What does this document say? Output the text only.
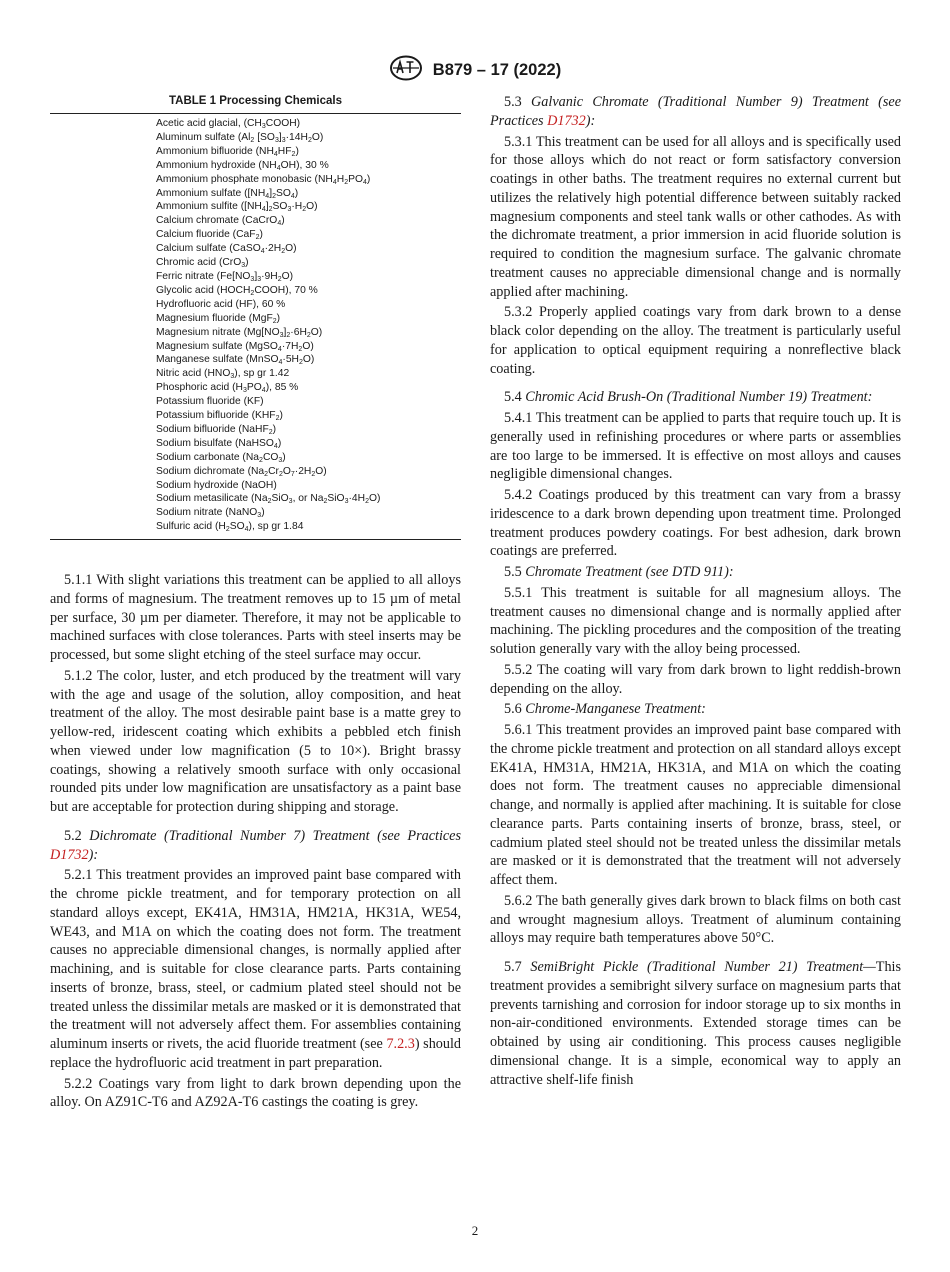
B879 – 17 (2022)
TABLE 1 Processing Chemicals
Acetic acid glacial, $(CH_3COOH)$
Aluminum sulfate ($Al_2$ $[SO_3]_3\cdot 14H_2O$)
Ammonium bifluoride $(NH_4HF_2)$
Ammonium hydroxide $(NH_4OH)$, 30 %
Ammonium phosphate monobasic $(NH_4H_2PO_4)$
Ammonium sulfate $([NH_4]_2SO_4)$
Ammonium sulfite $([NH_4]_2SO_3\cdot H_2O)$
Calcium chromate (CaCrO$_4$)
Calcium fluoride (CaF$_2$)
Calcium sulfate $(CaSO_4\cdot 2H_2O)$
Chromic acid (CrO$_3$)
Ferric nitrate $(Fe[NO_3]_3\cdot 9H_2O)$
Glycolic acid $(HOCH_2COOH)$, 70 %
Hydrofluoric acid (HF), 60 %
Magnesium fluoride (MgF$_2$)
Magnesium nitrate $(Mg[NO_3]_2\cdot 6H_2O)$
Magnesium sulfate $(MgSO_4\cdot 7H_2O)$
Manganese sulfate $(MnSO_4\cdot 5H_2O)$
Nitric acid $(HNO_3)$, sp gr 1.42
Phosphoric acid $(H_3PO_4)$, 85 %
Potassium fluoride (KF)
Potassium bifluoride $(KHF_2)$
Sodium bifluoride (NaHF$_2$)
Sodium bisulfate (NaHSO$_4$)
Sodium carbonate $(Na_2CO_3)$
Sodium dichromate $(Na_2Cr_2O_7\cdot 2H_2O)$
Sodium hydroxide (NaOH)
Sodium metasilicate ($Na_2SiO_3$, or $Na_2SiO_3\cdot 4H_2O$)
Sodium nitrate (NaNO$_3$)
Sulfuric acid $(H_2SO_4)$, sp gr 1.84

5.1.1 With slight variations this treatment can be applied to all alloys and forms of magnesium. The treatment removes up to 15 µm of metal per surface, 30 µm per diameter. Therefore, it may not be applicable to machined surfaces with close tolerances. Parts with steel inserts may be processed, but some slight etching of the steel surface may occur.

5.1.2 The color, luster, and etch produced by the treatment will vary with the age and usage of the solution, alloy composition, and heat treatment of the alloy. The most desirable paint base is a matte grey to yellow-red, iridescent coating which exhibits a pebbled etch finish when viewed under low magnification (5 to 10×). Bright brassy coatings, showing a relatively smooth surface with only occasional rounded pits under low magnification are unsatisfactory as a paint base but are acceptable for protection during shipping and storage.

5.2 Dichromate (Traditional Number 7) Treatment (see Practices D1732):

5.2.1 This treatment provides an improved paint base compared with the chrome pickle treatment, and for temporary protection on all standard alloys except, EK41A, HM31A, HM21A, HK31A, WE54, WE43, and M1A on which the coating does not form. The treatment causes no appreciable dimensional changes, is normally applied after machining, and is suitable for close clearance parts. Parts containing inserts of bronze, brass, steel, or cadmium plated steel should not be treated unless the dissimilar metals are masked or it is demonstrated that the treatment will not adversely affect them. For assemblies containing aluminum inserts or rivets, the acid fluoride treatment (see 7.2.3) should replace the hydrofluoric acid treatment in part preparation.

5.2.2 Coatings vary from light to dark brown depending upon the alloy. On AZ91C-T6 and AZ92A-T6 castings the coating is grey.

5.3 Galvanic Chromate (Traditional Number 9) Treatment (see Practices D1732):

5.3.1 This treatment can be used for all alloys and is specifically used for those alloys which do not react or form satisfactory conversion coatings in other baths. The treatment requires no external current but utilizes the relatively high potential difference between suitably racked magnesium components and steel tank walls or other cathodes. As with the dichromate treatment, a prior immersion in acid fluoride solution is required to condition the magnesium surface. The galvanic chromate treatment causes no appreciable dimensional change and is normally applied after machining.

5.3.2 Properly applied coatings vary from dark brown to a dense black color depending on the alloy. The treatment is particularly useful for application to optical equipment requiring a nonreflective black coating.

5.4 Chromic Acid Brush-On (Traditional Number 19) Treatment:

5.4.1 This treatment can be applied to parts that require touch up. It is generally used in refinishing procedures or where parts or assemblies are too large to be immersed. It is effective on most alloys and causes negligible dimensional changes.

5.4.2 Coatings produced by this treatment can vary from a brassy iridescence to a dark brown depending upon treatment time. Prolonged treatment produces powdery coatings. For best adhesion, dark brown coatings are preferred.

5.5 Chromate Treatment (see DTD 911):

5.5.1 This treatment is suitable for all magnesium alloys. The treatment causes no dimensional change and is normally applied after machining. The pickling procedures and the composition of the treating solution generally vary with the alloy being processed.

5.5.2 The coating will vary from dark brown to light reddish-brown depending on the alloy.

5.6 Chrome-Manganese Treatment:

5.6.1 This treatment provides an improved paint base compared with the chrome pickle treatment and protection on all standard alloys except EK41A, HM31A, HM21A, HK31A, and M1A on which the coating does not form. The treatment causes no appreciable dimensional change, and normally is applied after machining. It is suitable for close clearance parts. Parts containing inserts of bronze, brass, steel, or cadmium plated steel should not be treated unless the dissimilar metals are masked or it is demonstrated that the treatment will not adversely affect them.

5.6.2 The bath generally gives dark brown to black films on both cast and wrought magnesium alloys. Treatment of aluminum containing alloys may require bath temperatures above 50°C.

5.7 SemiBright Pickle (Traditional Number 21) Treatment—This treatment provides a semibright silvery surface on magnesium parts that prevents tarnishing and corrosion for indoor storage up to six months in non-air-conditioned environments. Extended storage times can be obtained by using air conditioning. This process causes negligible dimensional change. It is a simple, economical way to apply an attractive shelf-life finish

2
